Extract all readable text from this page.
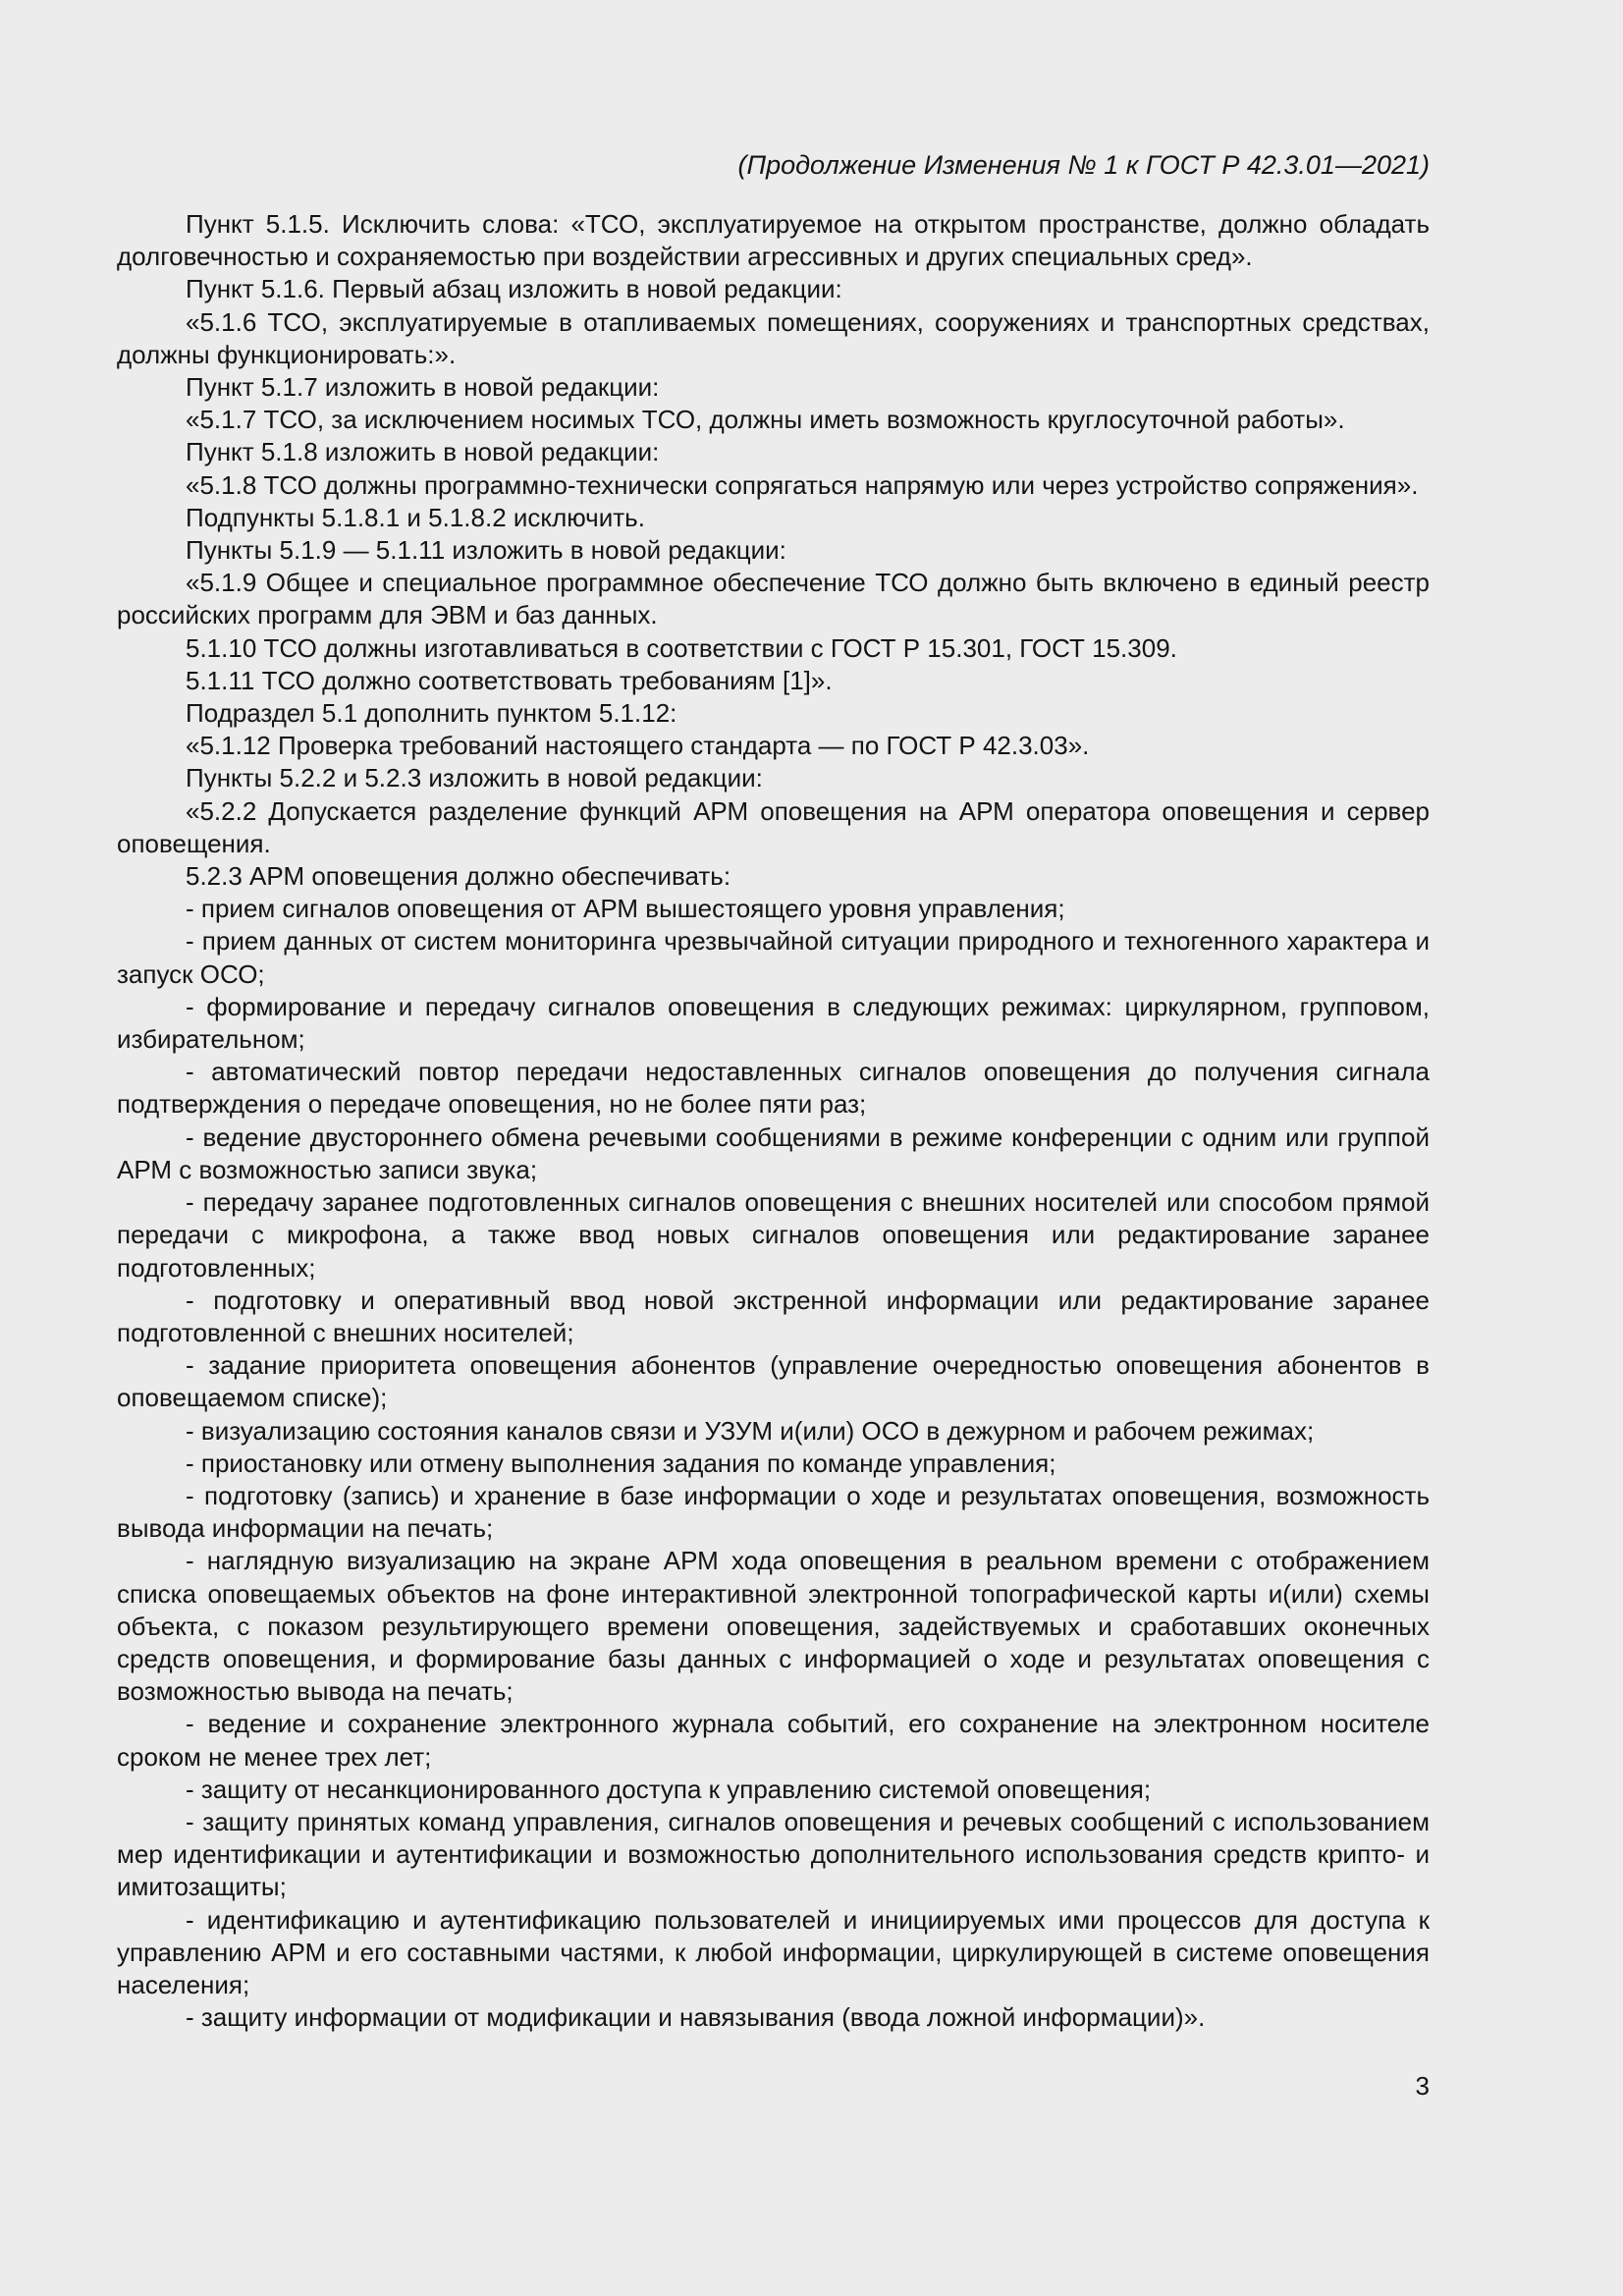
(Продолжение Изменения № 1 к ГОСТ Р 42.3.01—2021)

Пункт 5.1.5. Исключить слова: «ТСО, эксплуатируемое на открытом пространстве, должно обладать долговечностью и сохраняемостью при воздействии агрессивных и других специальных сред».

Пункт 5.1.6. Первый абзац изложить в новой редакции:

«5.1.6 ТСО, эксплуатируемые в отапливаемых помещениях, сооружениях и транспортных средствах, должны функционировать:».

Пункт 5.1.7 изложить в новой редакции:

«5.1.7 ТСО, за исключением носимых ТСО, должны иметь возможность круглосуточной работы».

Пункт 5.1.8 изложить в новой редакции:

«5.1.8 ТСО должны программно-технически сопрягаться напрямую или через устройство сопряжения».

Подпункты 5.1.8.1 и 5.1.8.2 исключить.

Пункты 5.1.9 — 5.1.11 изложить в новой редакции:

«5.1.9 Общее и специальное программное обеспечение ТСО должно быть включено в единый реестр российских программ для ЭВМ и баз данных.

5.1.10 ТСО должны изготавливаться в соответствии с ГОСТ Р 15.301, ГОСТ 15.309.

5.1.11 ТСО должно соответствовать требованиям [1]».

Подраздел 5.1 дополнить пунктом 5.1.12:

«5.1.12 Проверка требований настоящего стандарта — по ГОСТ Р 42.3.03».

Пункты 5.2.2 и 5.2.3 изложить в новой редакции:

«5.2.2 Допускается разделение функций АРМ оповещения на АРМ оператора оповещения и сервер оповещения.

5.2.3 АРМ оповещения должно обеспечивать:

- прием сигналов оповещения от АРМ вышестоящего уровня управления;

- прием данных от систем мониторинга чрезвычайной ситуации природного и техногенного характера и запуск ОСО;

- формирование и передачу сигналов оповещения в следующих режимах: циркулярном, групповом, избирательном;

- автоматический повтор передачи недоставленных сигналов оповещения до получения сигнала подтверждения о передаче оповещения, но не более пяти раз;

- ведение двустороннего обмена речевыми сообщениями в режиме конференции с одним или группой АРМ с возможностью записи звука;

- передачу заранее подготовленных сигналов оповещения с внешних носителей или способом прямой передачи с микрофона, а также ввод новых сигналов оповещения или редактирование заранее подготовленных;

- подготовку и оперативный ввод новой экстренной информации или редактирование заранее подготовленной с внешних носителей;

- задание приоритета оповещения абонентов (управление очередностью оповещения абонентов в оповещаемом списке);

- визуализацию состояния каналов связи и УЗУМ и(или) ОСО в дежурном и рабочем режимах;

- приостановку или отмену выполнения задания по команде управления;

- подготовку (запись) и хранение в базе информации о ходе и результатах оповещения, возможность вывода информации на печать;

- наглядную визуализацию на экране АРМ хода оповещения в реальном времени с отображением списка оповещаемых объектов на фоне интерактивной электронной топографической карты и(или) схемы объекта, с показом результирующего времени оповещения, задействуемых и сработавших оконечных средств оповещения, и формирование базы данных с информацией о ходе и результатах оповещения с возможностью вывода на печать;

- ведение и сохранение электронного журнала событий, его сохранение на электронном носителе сроком не менее трех лет;

- защиту от несанкционированного доступа к управлению системой оповещения;

- защиту принятых команд управления, сигналов оповещения и речевых сообщений с использованием мер идентификации и аутентификации и возможностью дополнительного использования средств крипто- и имитозащиты;

- идентификацию и аутентификацию пользователей и инициируемых ими процессов для доступа к управлению АРМ и его составными частями, к любой информации, циркулирующей в системе оповещения населения;

- защиту информации от модификации и навязывания (ввода ложной информации)».

3
